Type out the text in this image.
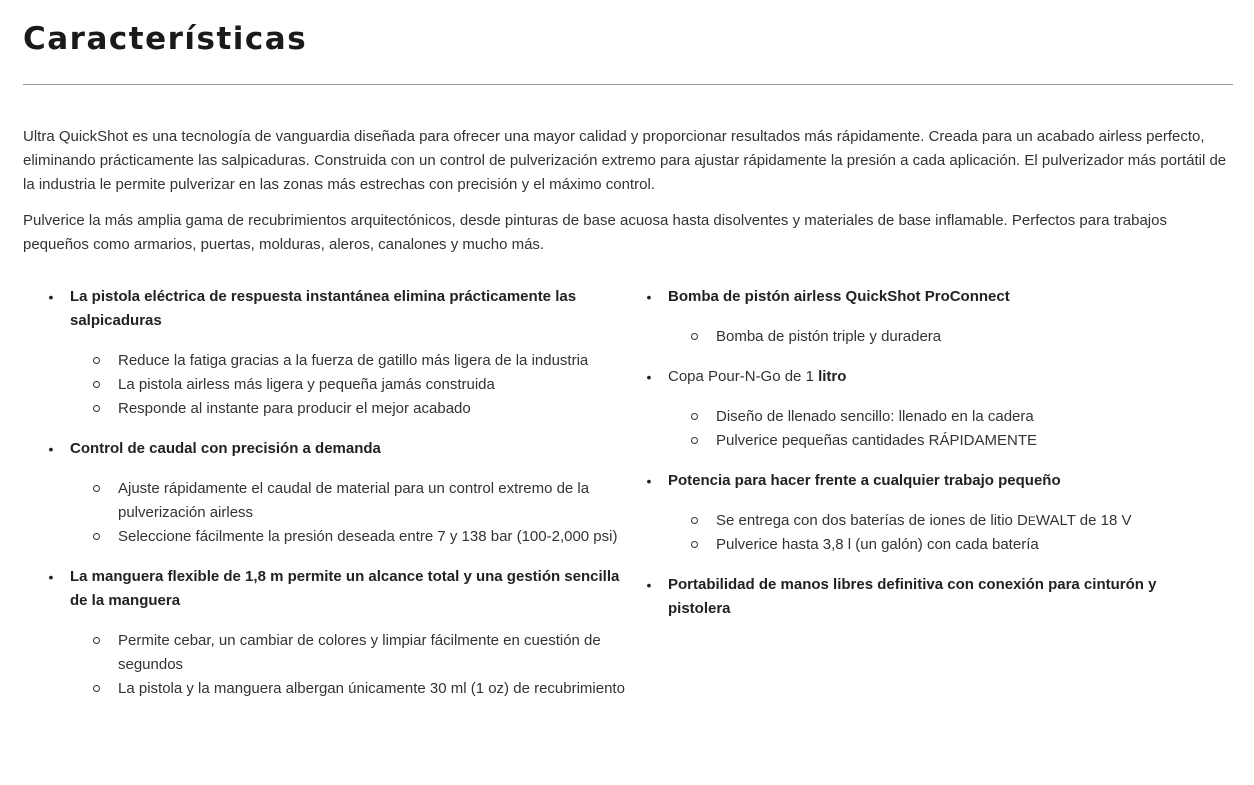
Características

Ultra QuickShot es una tecnología de vanguardia diseñada para ofrecer una mayor calidad y proporcionar resultados más rápidamente. Creada para un acabado airless perfecto, eliminando prácticamente las salpicaduras. Construida con un control de pulverización extremo para ajustar rápidamente la presión a cada aplicación. El pulverizador más portátil de la industria le permite pulverizar en las zonas más estrechas con precisión y el máximo control.

Pulverice la más amplia gama de recubrimientos arquitectónicos, desde pinturas de base acuosa hasta disolventes y materiales de base inflamable. Perfectos para trabajos pequeños como armarios, puertas, molduras, aleros, canalones y mucho más.

• La pistola eléctrica de respuesta instantánea elimina prácticamente las salpicaduras
Reduce la fatiga gracias a la fuerza de gatillo más ligera de la industria
La pistola airless más ligera y pequeña jamás construida
Responde al instante para producir el mejor acabado
• Control de caudal con precisión a demanda
Ajuste rápidamente el caudal de material para un control extremo de la pulverización airless
Seleccione fácilmente la presión deseada entre 7 y 138 bar (100-2,000 psi)
• La manguera flexible de 1,8 m permite un alcance total y una gestión sencilla de la manguera
Permite cebar, un cambiar de colores y limpiar fácilmente en cuestión de segundos
La pistola y la manguera albergan únicamente 30 ml (1 oz) de recubrimiento
• Bomba de pistón airless QuickShot ProConnect
Bomba de pistón triple y duradera
• Copa Pour-N-Go de 1 litro
Diseño de llenado sencillo: llenado en la cadera
Pulverice pequeñas cantidades RÁPIDAMENTE
• Potencia para hacer frente a cualquier trabajo pequeño
Se entrega con dos baterías de iones de litio DEWALT de 18 V
Pulverice hasta 3,8 l (un galón) con cada batería
• Portabilidad de manos libres definitiva con conexión para cinturón y pistolera
